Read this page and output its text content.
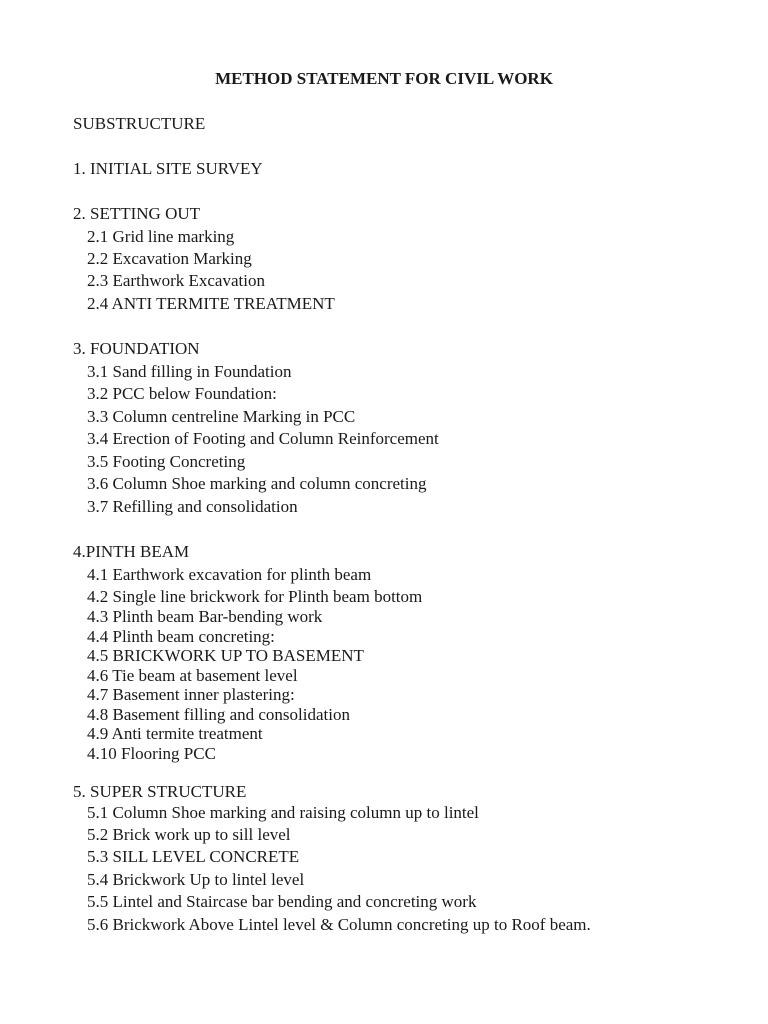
METHOD STATEMENT FOR CIVIL WORK
SUBSTRUCTURE
1. INITIAL SITE SURVEY
2. SETTING OUT
2.1 Grid line marking
2.2 Excavation Marking
2.3 Earthwork Excavation
2.4 ANTI TERMITE TREATMENT
3. FOUNDATION
3.1 Sand filling in Foundation
3.2 PCC below Foundation:
3.3 Column centreline Marking in PCC
3.4 Erection of Footing and Column Reinforcement
3.5 Footing Concreting
3.6 Column Shoe marking and column concreting
3.7 Refilling and consolidation
4.PINTH BEAM
4.1 Earthwork excavation for plinth beam
4.2 Single line brickwork for Plinth beam bottom
4.3 Plinth beam Bar-bending work
4.4 Plinth beam concreting:
4.5 BRICKWORK UP TO BASEMENT
4.6 Tie beam at basement level
4.7 Basement inner plastering:
4.8 Basement filling and consolidation
4.9 Anti termite treatment
4.10 Flooring PCC
5. SUPER STRUCTURE
5.1 Column Shoe marking and raising column up to lintel
5.2 Brick work up to sill level
5.3 SILL LEVEL CONCRETE
5.4 Brickwork Up to lintel level
5.5 Lintel and Staircase bar bending and concreting work
5.6 Brickwork Above Lintel level & Column concreting up to Roof beam.
